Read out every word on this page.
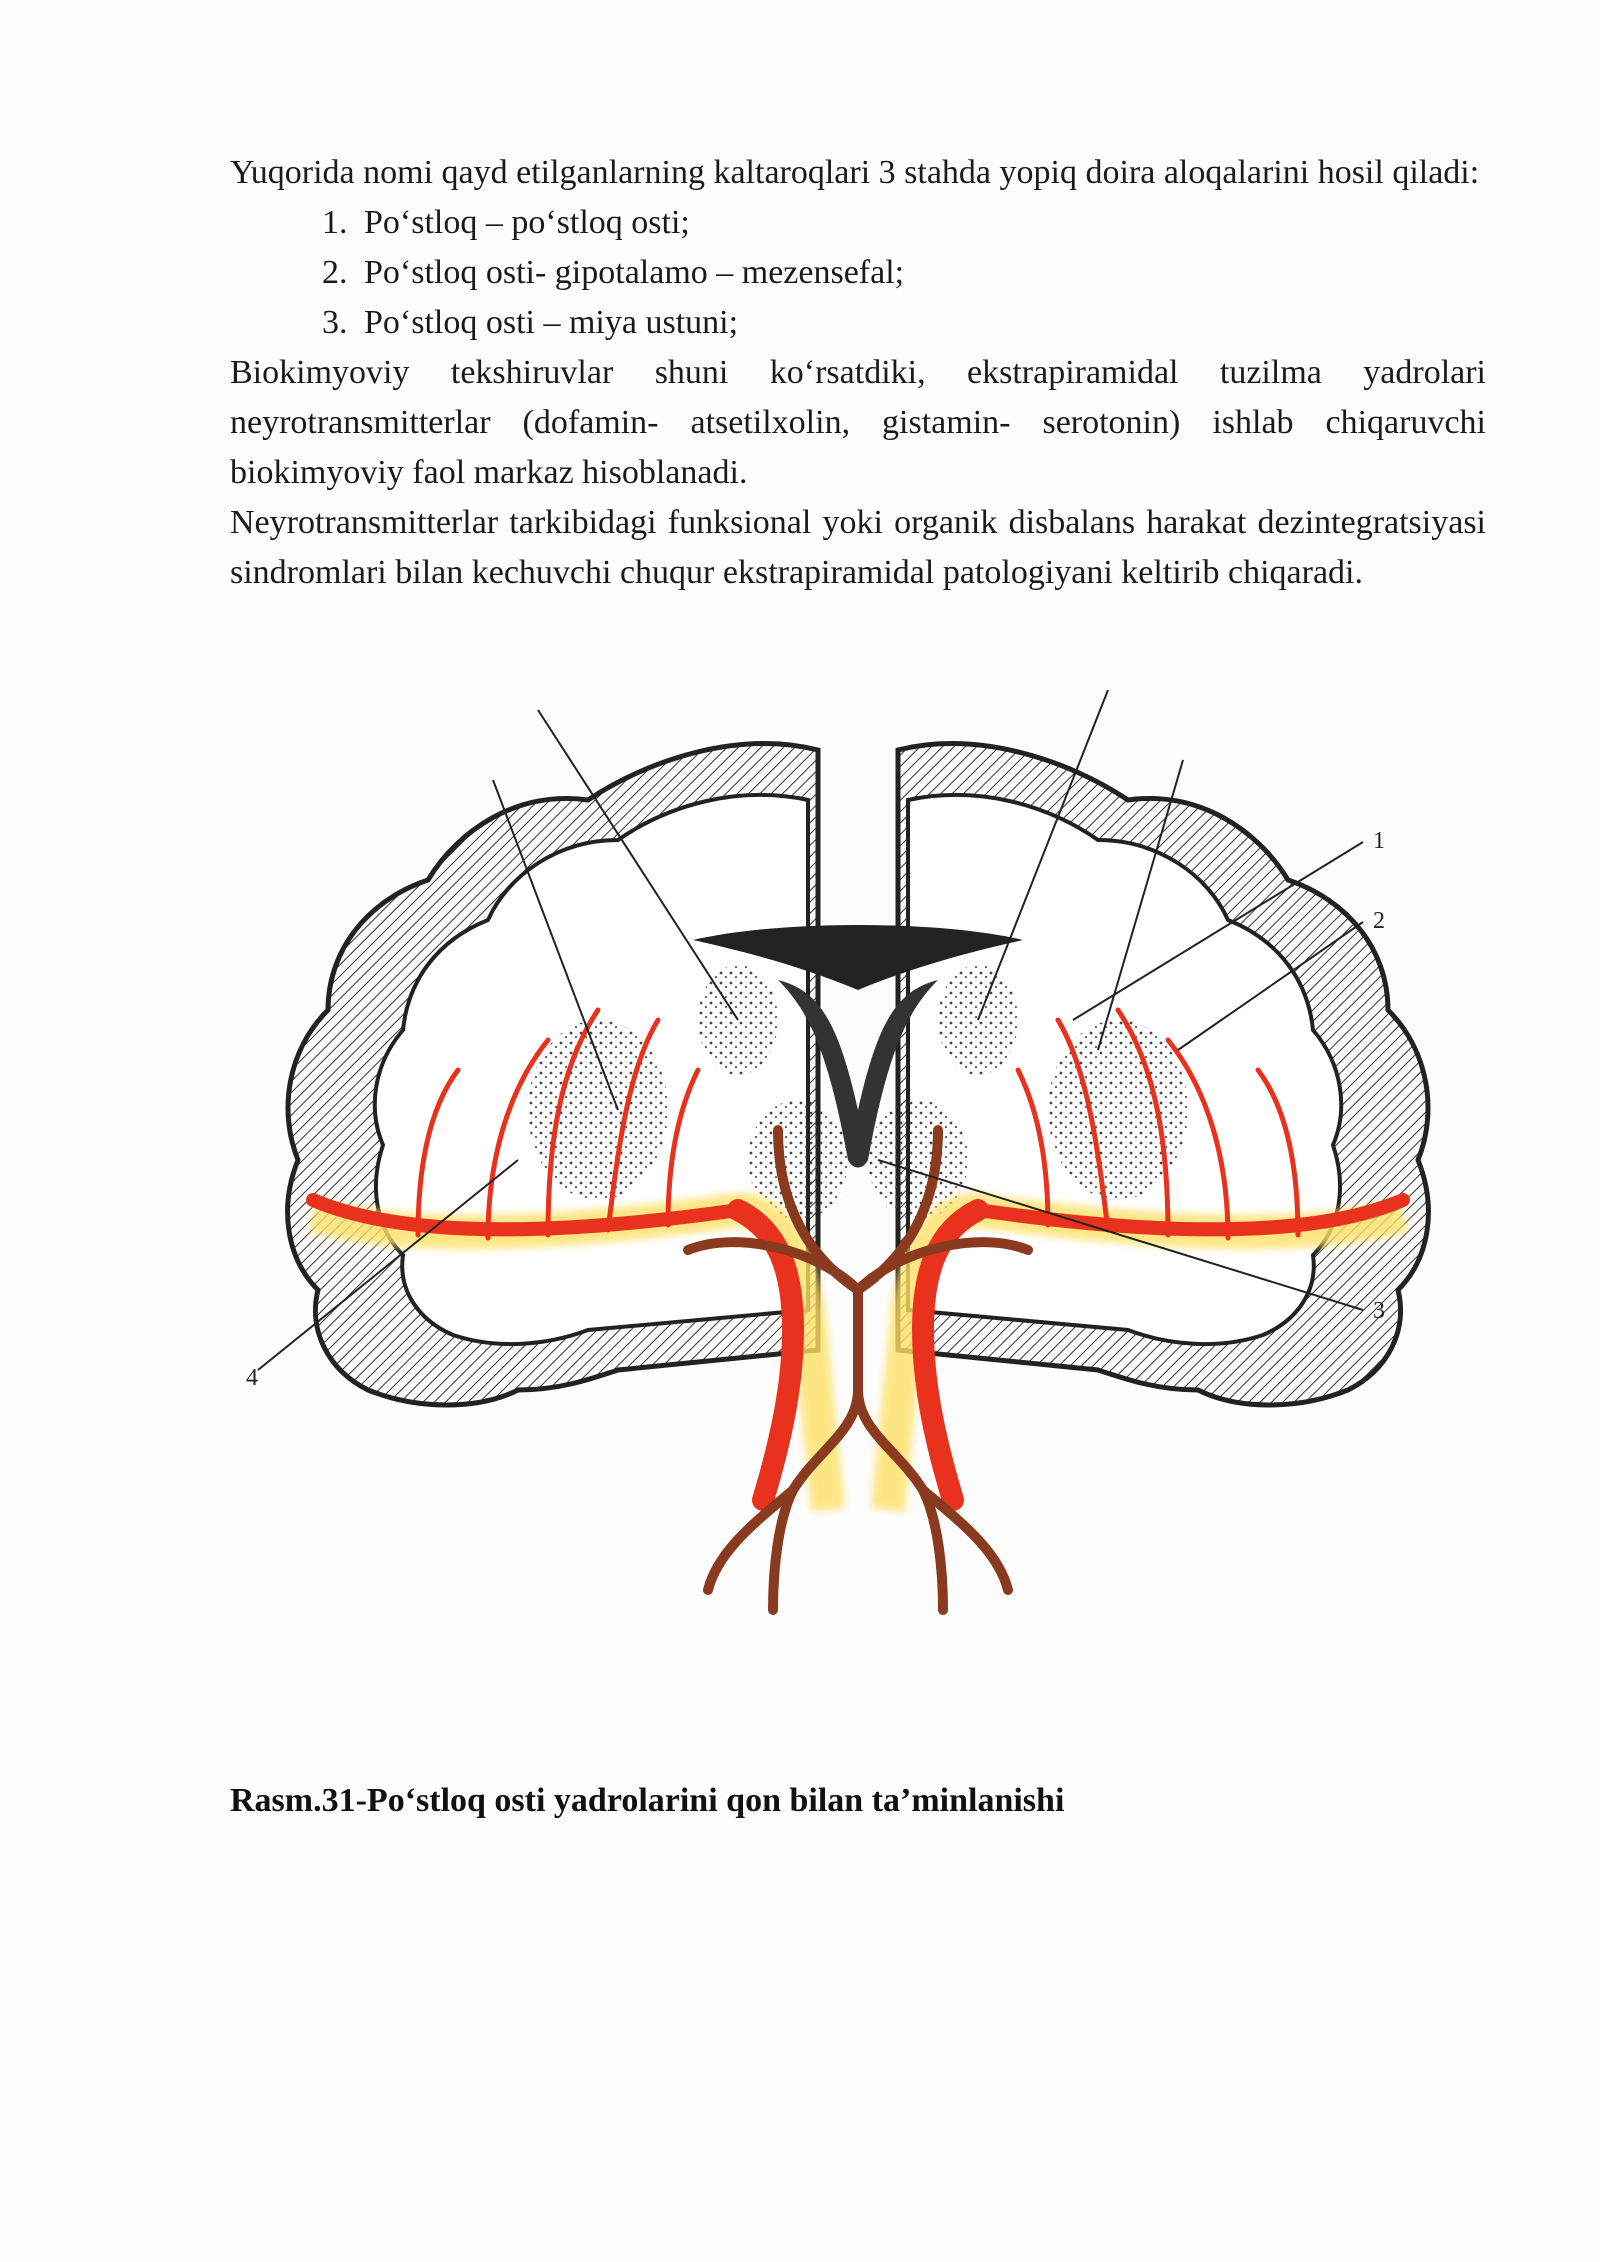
Yuqorida nomi qayd etilganlarning kaltaroqlari 3 stahda yopiq doira aloqalarini hosil qiladi:

1. Po‘stloq – po‘stloq osti;
2. Po‘stloq osti- gipotalamo – mezensefal;
3. Po‘stloq osti – miya ustuni;

Biokimyoviy tekshiruvlar shuni ko‘rsatdiki, ekstrapiramidal tuzilma yadrolari neyrotransmitterlar (dofamin- atsetilxolin, gistamin- serotonin) ishlab chiqaruvchi biokimyoviy faol markaz hisoblanadi.

Neyrotransmitterlar tarkibidagi funksional yoki organik disbalans harakat dezintegratsiyasi sindromlari bilan kechuvchi chuqur ekstrapiramidal patologiyani keltirib chiqaradi.

1
2
3
4
Rasm.31-Po‘stloq osti yadrolarini qon bilan ta’minlanishi
